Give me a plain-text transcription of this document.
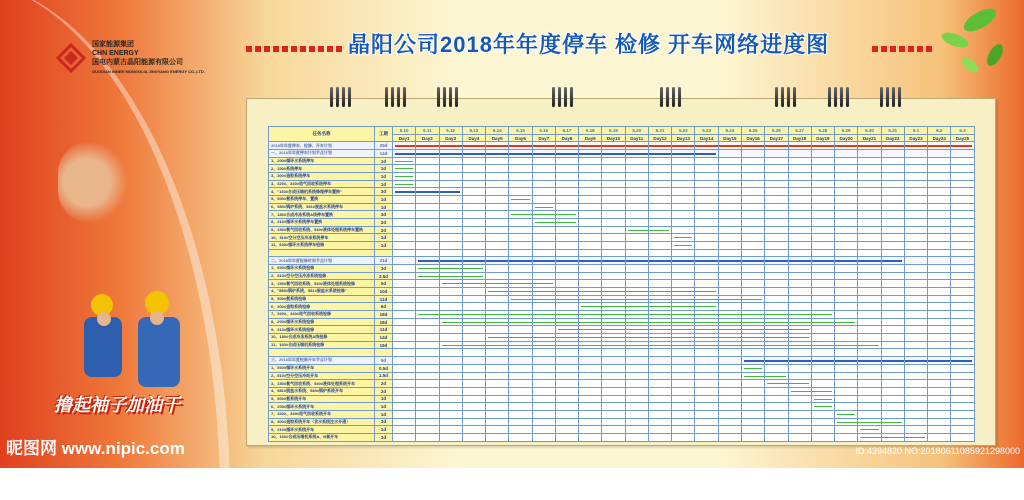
国家能源集团
CHN ENERGY
国电内蒙古晶阳能源有限公司
GUODIAN INNER MONGOLIA JINGYANG ENERGY CO.,LTD.
晶阳公司2018年年度停车 检修 开车网络进度图
撸起袖子加油干
任务名称	工期	5.10	5.11	5.12	5.13	5.14	5.15	5.16	5.17	5.18	5.19	5.20	5.21	5.22	5.23	5.24	5.25	5.26	5.27	5.28	5.29	5.30	5.31	6.1	6.2	6.3
		Day1	Day2	Day3	Day4	Day5	Day6	Day7	Day8	Day9	Day10	Day11	Day12	Day13	Day14	Day15	Day16	Day17	Day18	Day19	Day20	Day21	Day22	Day23	Day24	Day25
2018年年度停车、检修、开车计划	25d	

一、2018年年度停车计划节点计划	14d	

1、200#循环水系统停车	1d	

2、100#系统停车	1d	

3、300#造粒系统停车	1d	

3、320#、340#尾气回收系统停车	1d	

4、"160#合成压缩机系统修理停车置换"	3d	

5、500#氨系统停车、置换	1d						

6、580#锅炉系统、581#脱盐水系统停车	1d							

7、180#合成冷冻系统A线停车置换	3d						

8、210#循环水系统停车置换	2d							

9、150#氧气回收系统、540#液体处理系统停车置换	2d											

10、510#空分空压冷冻系统停车	1d													

11、530#循环水系统停车检修	1d													

二、2018年年度检修时间节点计划	21d		

1、530#循环水系统检修	3d		

2、510#空分空压冷冻系统检修	3.5d		

3、150#氧气回收系统、540#液体处理系统检修	5d			

4、"580#锅炉系统、581#脱盐水系统检修"	10d					

5、500#氨系统检修	11d						

6、300#造粒系统检修	6d									

7、320#、340#尾气回收系统检修	18d		

8、200#循环水系统检修	18d			

9、210#循环水系统检修	11d								

10、180#合成冷冻系统A线检修	14d					

11、160#合成压缩机系统检修	19d			

三、2018年年度检修开车节点计划	9d																

1、530#循环水系统开车	0.5d																

2、510#空分空压冷站开车	1.5d																

3、150#氧气回收系统、540#液体处理系统开车	2d																	

4、581#脱盐水系统、580#锅炉系统开车	2d																		

5、500#氨系统开车	1d																			

6、200#循环水系统开车	1d																			

7、320#、340#尾气回收系统开车	1d																				

8、300#造粒系统开车（含水系统注水开通）	3d																				

9、210#循环水系统开车	1d																					

10、160#合成压缩机系统A、B套开车	3d																					

昵图网 www.nipic.com	ID:4394820 NO:20180611085921298000
